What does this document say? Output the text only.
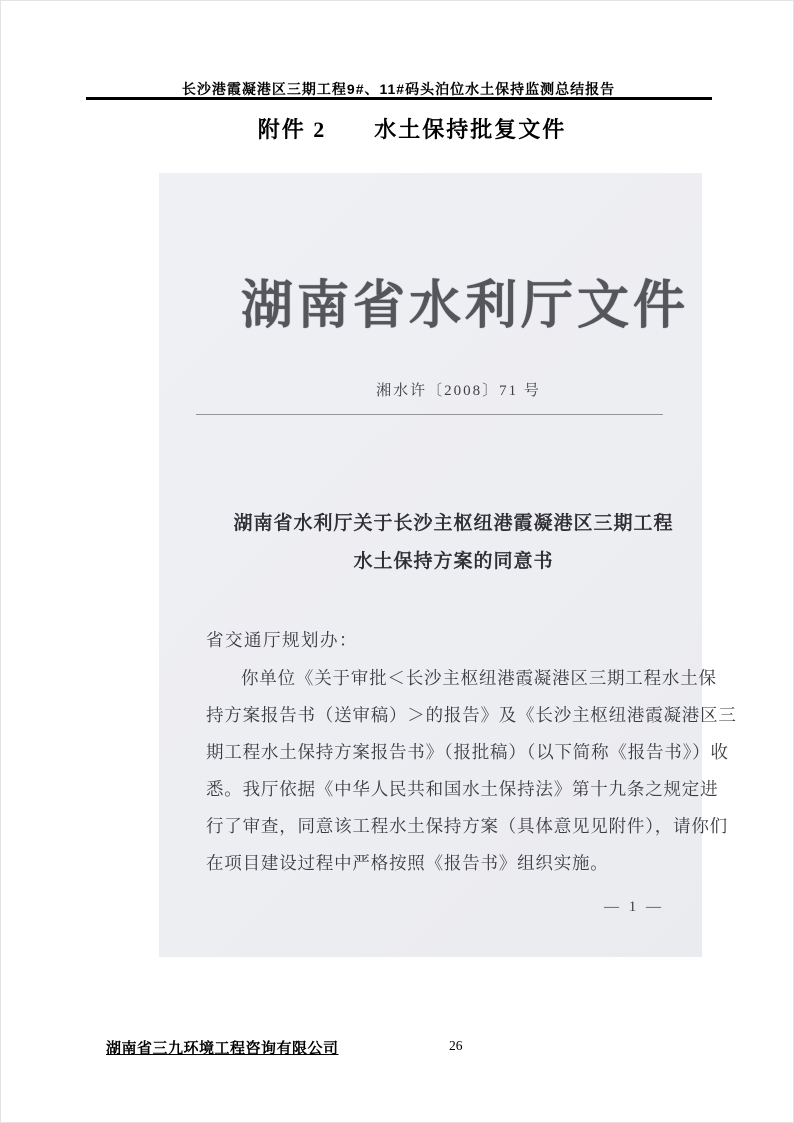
长沙港霞凝港区三期工程9#、11#码头泊位水土保持监测总结报告
附件 2 水土保持批复文件
湖南省水利厅文件
湘水许〔2008〕71 号
湖南省水利厅关于长沙主枢纽港霞凝港区三期工程
水土保持方案的同意书
省交通厅规划办：
你单位《关于审批＜长沙主枢纽港霞凝港区三期工程水土保
持方案报告书（送审稿）＞的报告》及《长沙主枢纽港霞凝港区三
期工程水土保持方案报告书》（报批稿）（以下简称《报告书》）收
悉。我厅依据《中华人民共和国水土保持法》第十九条之规定进
行了审查，同意该工程水土保持方案（具体意见见附件），请你们
在项目建设过程中严格按照《报告书》组织实施。
— 1 —
湖南省三九环境工程咨询有限公司	26
